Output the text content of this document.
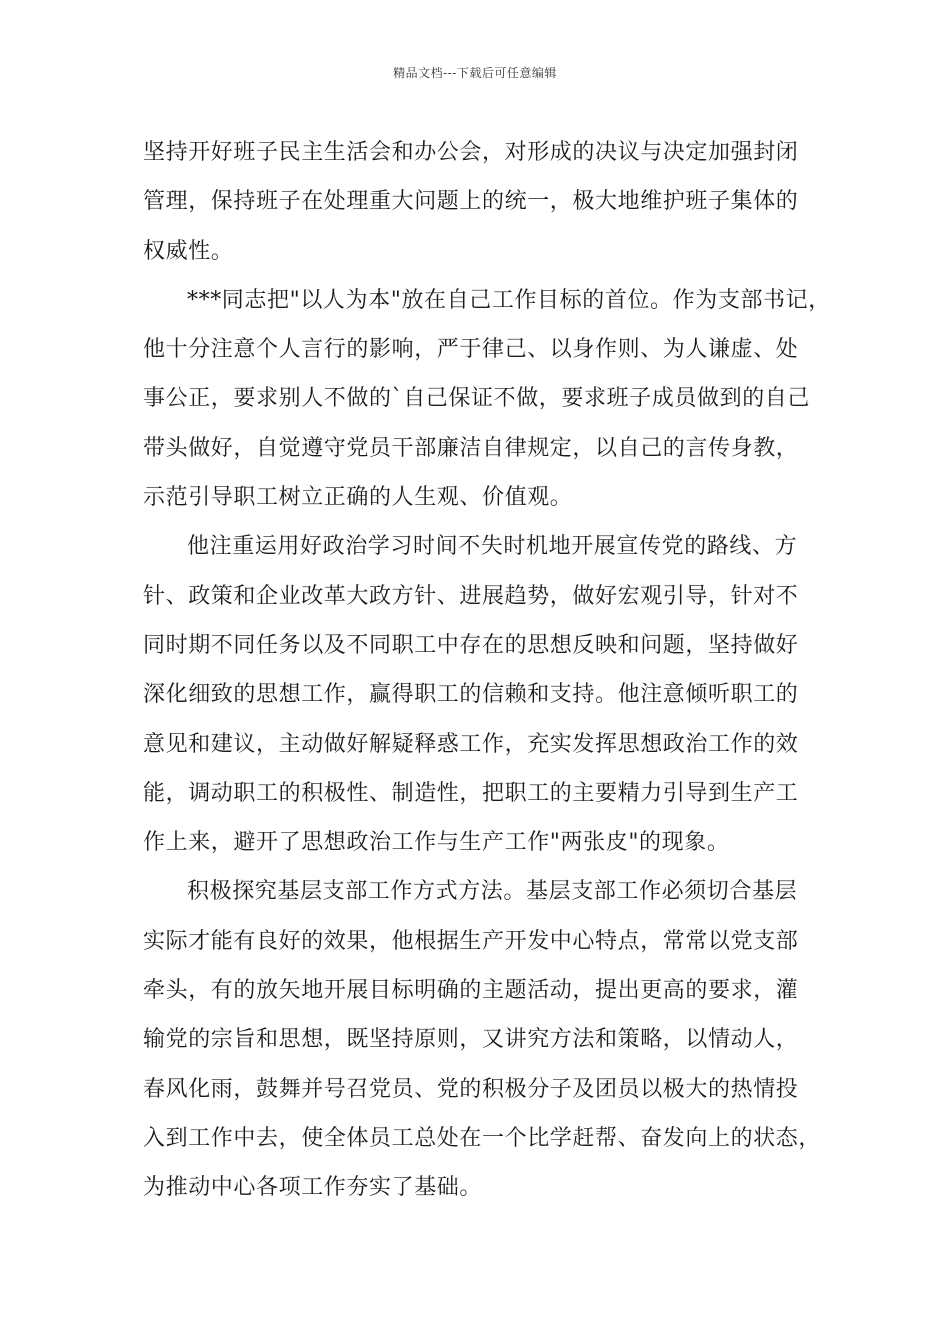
精品文档---下载后可任意编辑
坚持开好班子民主生活会和办公会，对形成的决议与决定加强封闭
管理，保持班子在处理重大问题上的统一，极大地维护班子集体的
权威性。
***同志把"以人为本"放在自己工作目标的首位。作为支部书记，
他十分注意个人言行的影响，严于律己、以身作则、为人谦虚、处
事公正，要求别人不做的`自己保证不做，要求班子成员做到的自己
带头做好，自觉遵守党员干部廉洁自律规定，以自己的言传身教，
示范引导职工树立正确的人生观、价值观。
他注重运用好政治学习时间不失时机地开展宣传党的路线、方
针、政策和企业改革大政方针、进展趋势，做好宏观引导，针对不
同时期不同任务以及不同职工中存在的思想反映和问题，坚持做好
深化细致的思想工作，赢得职工的信赖和支持。他注意倾听职工的
意见和建议，主动做好解疑释惑工作，充实发挥思想政治工作的效
能，调动职工的积极性、制造性，把职工的主要精力引导到生产工
作上来，避开了思想政治工作与生产工作"两张皮"的现象。
积极探究基层支部工作方式方法。基层支部工作必须切合基层
实际才能有良好的效果，他根据生产开发中心特点，常常以党支部
牵头，有的放矢地开展目标明确的主题活动，提出更高的要求，灌
输党的宗旨和思想，既坚持原则，又讲究方法和策略，以情动人，
春风化雨，鼓舞并号召党员、党的积极分子及团员以极大的热情投
入到工作中去，使全体员工总处在一个比学赶帮、奋发向上的状态，
为推动中心各项工作夯实了基础。
